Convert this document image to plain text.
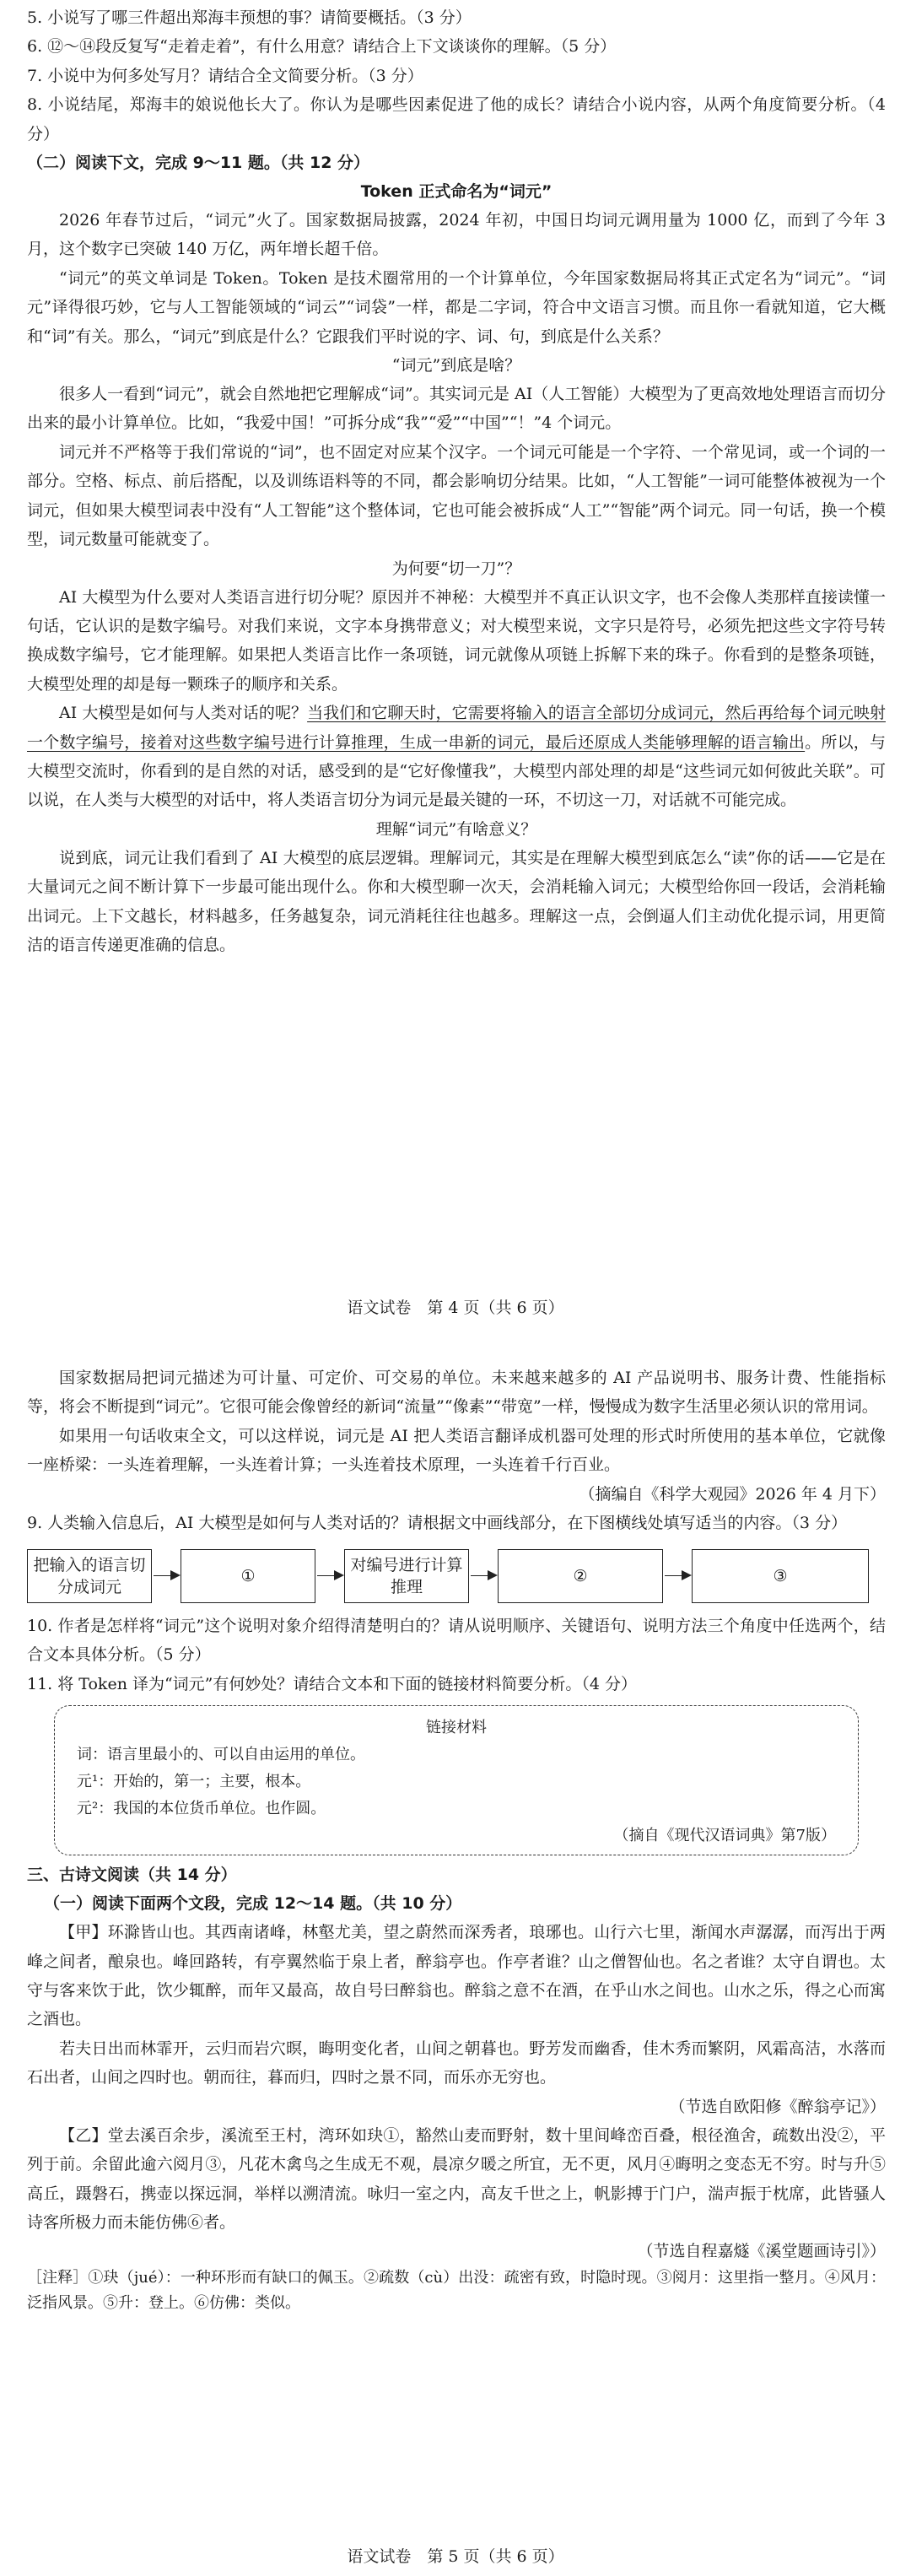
5. 小说写了哪三件超出郑海丰预想的事？请简要概括。（3 分）

6. ⑫～⑭段反复写“走着走着”，有什么用意？请结合上下文谈谈你的理解。（5 分）

7. 小说中为何多处写月？请结合全文简要分析。（3 分）

8. 小说结尾，郑海丰的娘说他长大了。你认为是哪些因素促进了他的成长？请结合小说内容，从两个角度简要分析。（4 分）

（二）阅读下文，完成 9～11 题。（共 12 分）
Token 正式命名为“词元”

2026 年春节过后，“词元”火了。国家数据局披露，2024 年初，中国日均词元调用量为 1000 亿，而到了今年 3 月，这个数字已突破 140 万亿，两年增长超千倍。

“词元”的英文单词是 Token。Token 是技术圈常用的一个计算单位，今年国家数据局将其正式定名为“词元”。“词元”译得很巧妙，它与人工智能领域的“词云”“词袋”一样，都是二字词，符合中文语言习惯。而且你一看就知道，它大概和“词”有关。那么，“词元”到底是什么？它跟我们平时说的字、词、句，到底是什么关系？

“词元”到底是啥？

很多人一看到“词元”，就会自然地把它理解成“词”。其实词元是 AI（人工智能）大模型为了更高效地处理语言而切分出来的最小计算单位。比如，“我爱中国！”可拆分成“我”“爱”“中国”“！”4 个词元。

词元并不严格等于我们常说的“词”，也不固定对应某个汉字。一个词元可能是一个字符、一个常见词，或一个词的一部分。空格、标点、前后搭配，以及训练语料等的不同，都会影响切分结果。比如，“人工智能”一词可能整体被视为一个词元，但如果大模型词表中没有“人工智能”这个整体词，它也可能会被拆成“人工”“智能”两个词元。同一句话，换一个模型，词元数量可能就变了。

为何要“切一刀”？

AI 大模型为什么要对人类语言进行切分呢？原因并不神秘：大模型并不真正认识文字，也不会像人类那样直接读懂一句话，它认识的是数字编号。对我们来说，文字本身携带意义；对大模型来说，文字只是符号，必须先把这些文字符号转换成数字编号，它才能理解。如果把人类语言比作一条项链，词元就像从项链上拆解下来的珠子。你看到的是整条项链，大模型处理的却是每一颗珠子的顺序和关系。

AI 大模型是如何与人类对话的呢？当我们和它聊天时，它需要将输入的语言全部切分成词元，然后再给每个词元映射一个数字编号，接着对这些数字编号进行计算推理，生成一串新的词元，最后还原成人类能够理解的语言输出。所以，与大模型交流时，你看到的是自然的对话，感受到的是“它好像懂我”，大模型内部处理的却是“这些词元如何彼此关联”。可以说，在人类与大模型的对话中，将人类语言切分为词元是最关键的一环，不切这一刀，对话就不可能完成。

理解“词元”有啥意义？

说到底，词元让我们看到了 AI 大模型的底层逻辑。理解词元，其实是在理解大模型到底怎么“读”你的话——它是在大量词元之间不断计算下一步最可能出现什么。你和大模型聊一次天，会消耗输入词元；大模型给你回一段话，会消耗输出词元。上下文越长，材料越多，任务越复杂，词元消耗往往也越多。理解这一点，会倒逼人们主动优化提示词，用更简洁的语言传递更准确的信息。

语文试卷　第 4 页（共 6 页）

国家数据局把词元描述为可计量、可定价、可交易的单位。未来越来越多的 AI 产品说明书、服务计费、性能指标等，将会不断提到“词元”。它很可能会像曾经的新词“流量”“像素”“带宽”一样，慢慢成为数字生活里必须认识的常用词。

如果用一句话收束全文，可以这样说，词元是 AI 把人类语言翻译成机器可处理的形式时所使用的基本单位，它就像一座桥梁：一头连着理解，一头连着计算；一头连着技术原理，一头连着千行百业。

（摘编自《科学大观园》2026 年 4 月下）

9. 人类输入信息后，AI 大模型是如何与人类对话的？请根据文中画线部分，在下图横线处填写适当的内容。（3 分）

把输入的语言切分成词元
①
对编号进行计算推理
②	③

10. 作者是怎样将“词元”这个说明对象介绍得清楚明白的？请从说明顺序、关键语句、说明方法三个角度中任选两个，结合文本具体分析。（5 分）

11. 将 Token 译为“词元”有何妙处？请结合文本和下面的链接材料简要分析。（4 分）

链接材料

词：语言里最小的、可以自由运用的单位。

元¹：开始的，第一；主要，根本。

元²：我国的本位货币单位。也作圆。

（摘自《现代汉语词典》第7版）

三、古诗文阅读（共 14 分）
（一）阅读下面两个文段，完成 12～14 题。（共 10 分）

【甲】环滁皆山也。其西南诸峰，林壑尤美，望之蔚然而深秀者，琅琊也。山行六七里，渐闻水声潺潺，而泻出于两峰之间者，酿泉也。峰回路转，有亭翼然临于泉上者，醉翁亭也。作亭者谁？山之僧智仙也。名之者谁？太守自谓也。太守与客来饮于此，饮少辄醉，而年又最高，故自号曰醉翁也。醉翁之意不在酒，在乎山水之间也。山水之乐，得之心而寓之酒也。

若夫日出而林霏开，云归而岩穴暝，晦明变化者，山间之朝暮也。野芳发而幽香，佳木秀而繁阴，风霜高洁，水落而石出者，山间之四时也。朝而往，暮而归，四时之景不同，而乐亦无穷也。

（节选自欧阳修《醉翁亭记》）

【乙】堂去溪百余步，溪流至王村，湾环如玦①，豁然山麦而野射，数十里间峰峦百叠，根径渔舍，疏数出没②，平列于前。余留此逾六阅月③，凡花木禽鸟之生成无不观，晨凉夕暖之所宜，无不更，风月④晦明之变态无不穷。时与升⑤高丘，蹑磐石，携壶以探远洞，举样以溯清流。咏归一室之内，高友千世之上，帆影搏于门户，湍声振于枕席，此皆骚人诗客所极力而未能仿佛⑥者。

（节选自程嘉燧《溪堂题画诗引》）

［注释］①玦（jué）：一种环形而有缺口的佩玉。②疏数（cù）出没：疏密有致，时隐时现。③阅月：这里指一整月。④风月：泛指风景。⑤升：登上。⑥仿佛：类似。

语文试卷　第 5 页（共 6 页）
